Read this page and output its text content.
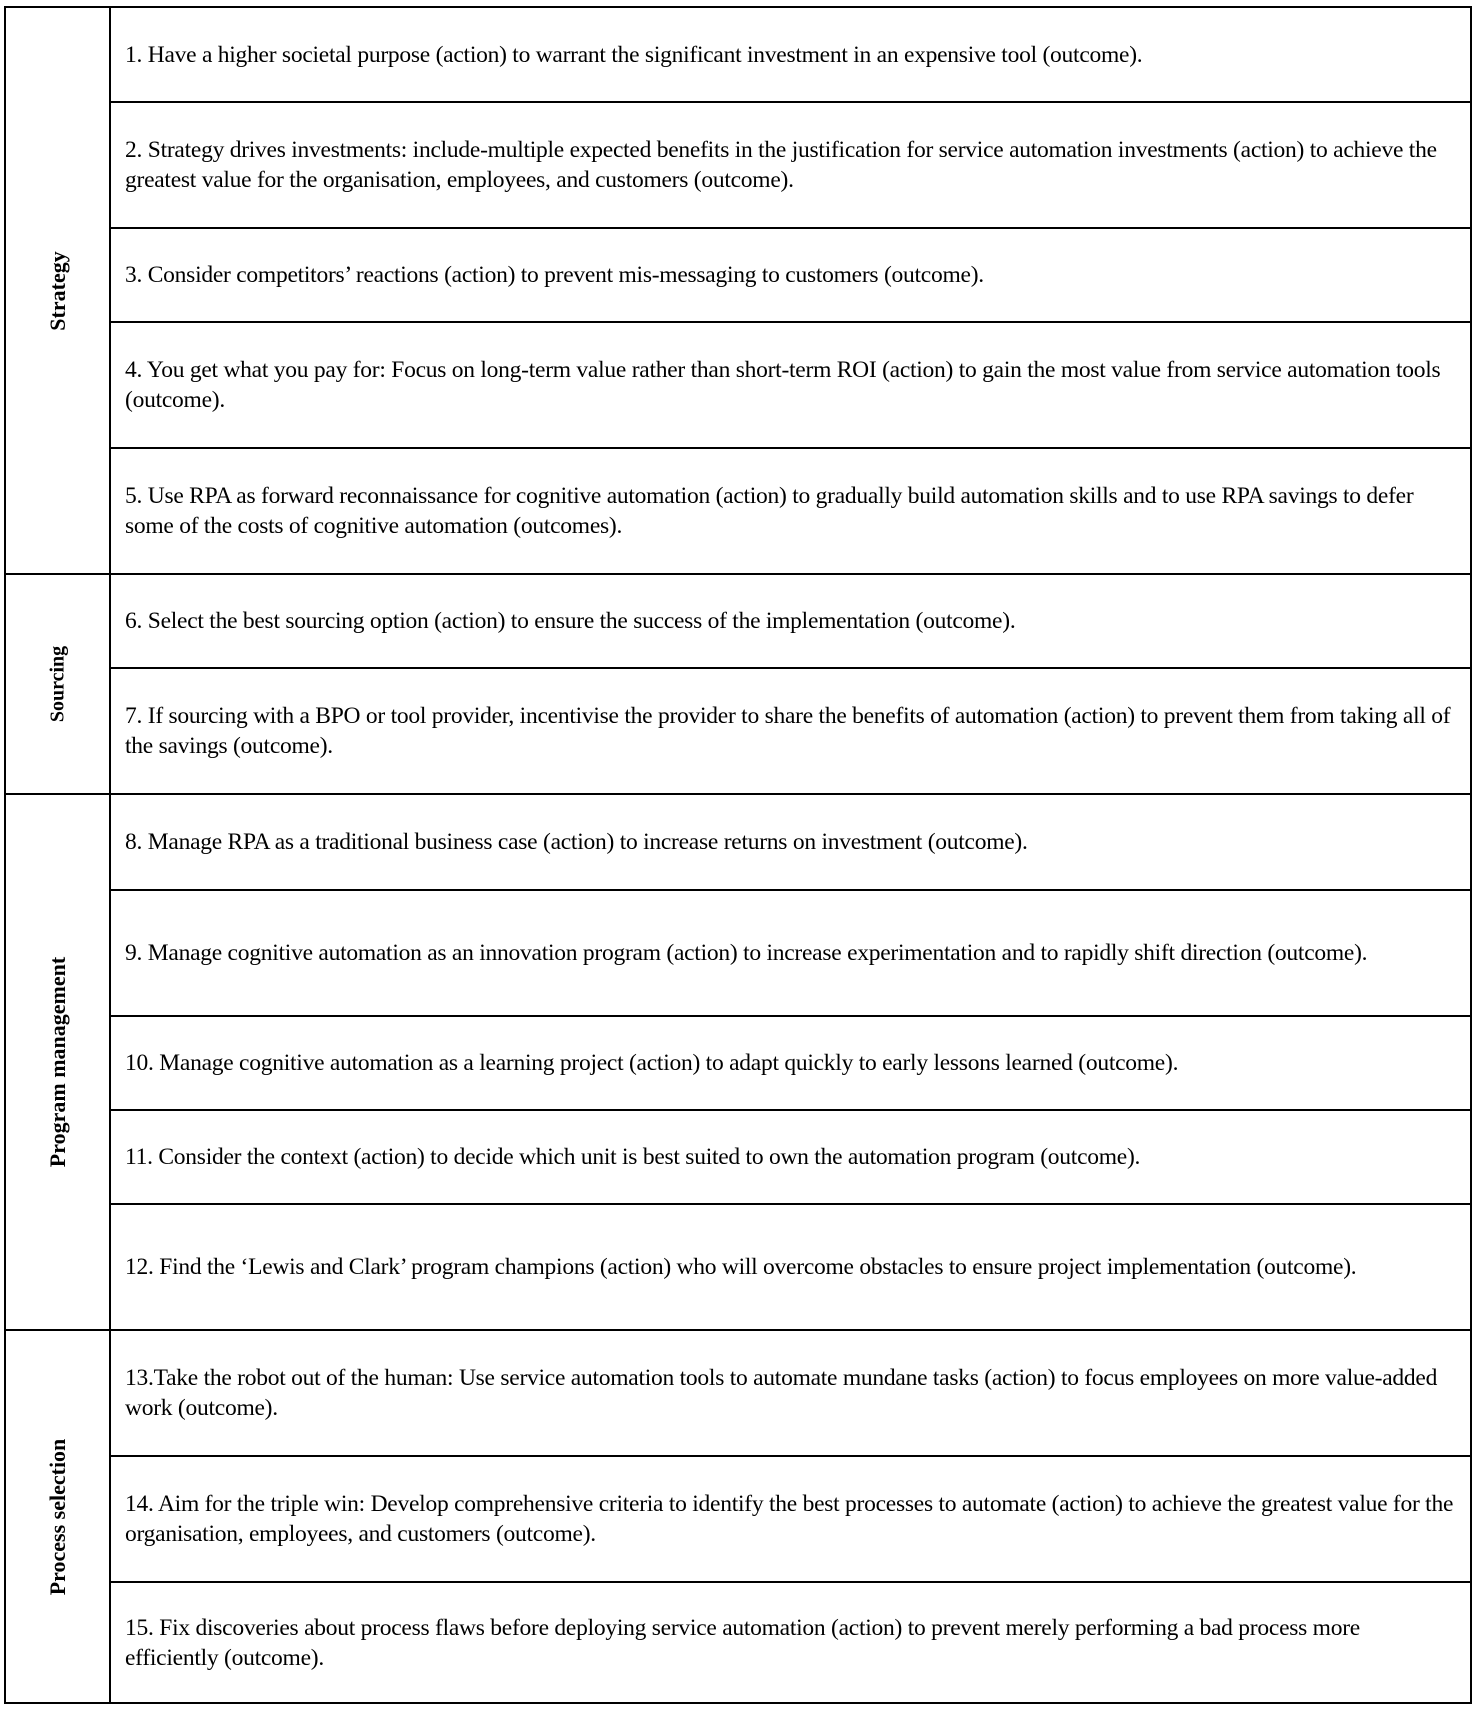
Strategy
1. Have a higher societal purpose (action) to warrant the significant investment in an expensive tool (outcome).
2. Strategy drives investments: include-multiple expected benefits in the justification for service automation investments (action) to achieve the greatest value for the organisation, employees, and customers (outcome).
3. Consider competitors’ reactions (action) to prevent mis-messaging to customers (outcome).
4. You get what you pay for: Focus on long-term value rather than short-term ROI (action) to gain the most value from service automation tools (outcome).
5. Use RPA as forward reconnaissance for cognitive automation (action) to gradually build automation skills and to use RPA savings to defer some of the costs of cognitive automation (outcomes).
Sourcing
6. Select the best sourcing option (action) to ensure the success of the implementation (outcome).
7. If sourcing with a BPO or tool provider, incentivise the provider to share the benefits of automation (action) to prevent them from taking all of the savings (outcome).
Program management
8. Manage RPA as a traditional business case (action) to increase returns on investment (outcome).
9. Manage cognitive automation as an innovation program (action) to increase experimentation and to rapidly shift direction (outcome).
10. Manage cognitive automation as a learning project (action) to adapt quickly to early lessons learned (outcome).
11. Consider the context (action) to decide which unit is best suited to own the automation program (outcome).
12. Find the ‘Lewis and Clark’ program champions (action) who will overcome obstacles to ensure project implementation (outcome).
Process selection
13.Take the robot out of the human: Use service automation tools to automate mundane tasks (action) to focus employees on more value-added work (outcome).
14. Aim for the triple win: Develop comprehensive criteria to identify the best processes to automate (action) to achieve the greatest value for the organisation, employees, and customers (outcome).
15. Fix discoveries about process flaws before deploying service automation (action) to prevent merely performing a bad process more efficiently (outcome).
